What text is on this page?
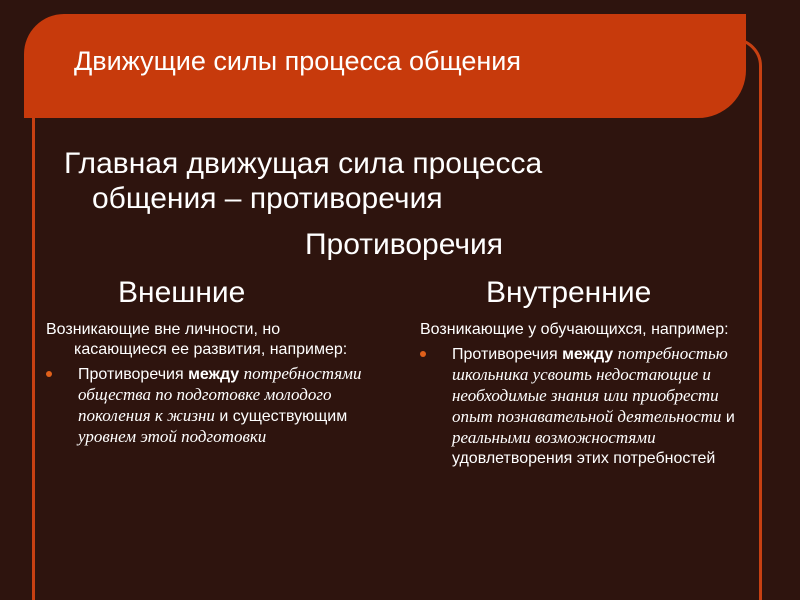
Движущие силы процесса общения
Главная движущая сила процесса
общения – противоречия
Противоречия
Внешние	Внутренние
Возникающие вне личности, но касающиеся ее развития, например:
Противоречия между потребностями общества по подготовке молодого поколения к жизни и существующим уровнем этой подготовки
Возникающие у обучающихся, например:
Противоречия между потребностью школьника усвоить недостающие и необходимые знания или приобрести опыт познавательной деятельности и реальными возможностями удовлетворения этих потребностей
